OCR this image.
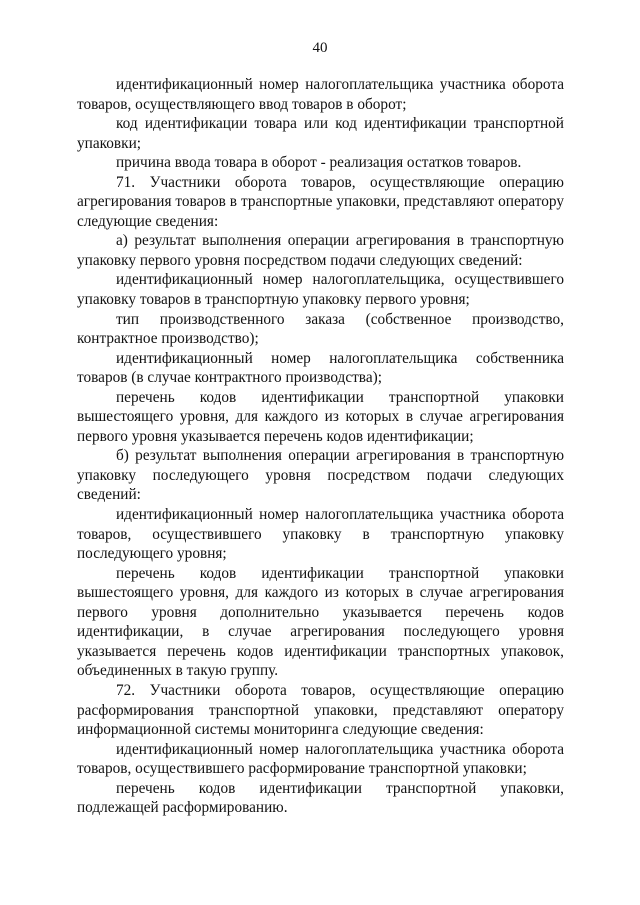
40

идентификационный номер налогоплательщика участника оборота товаров, осуществляющего ввод товаров в оборот;

код идентификации товара или код идентификации транспортной упаковки;

причина ввода товара в оборот - реализация остатков товаров.

71. Участники оборота товаров, осуществляющие операцию агрегирования товаров в транспортные упаковки, представляют оператору следующие сведения:

а) результат выполнения операции агрегирования в транспортную упаковку первого уровня посредством подачи следующих сведений:

идентификационный номер налогоплательщика, осуществившего упаковку товаров в транспортную упаковку первого уровня;

тип производственного заказа (собственное производство, контрактное производство);

идентификационный номер налогоплательщика собственника товаров (в случае контрактного производства);

перечень кодов идентификации транспортной упаковки вышестоящего уровня, для каждого из которых в случае агрегирования первого уровня указывается перечень кодов идентификации;

б) результат выполнения операции агрегирования в транспортную упаковку последующего уровня посредством подачи следующих сведений:

идентификационный номер налогоплательщика участника оборота товаров, осуществившего упаковку в транспортную упаковку последующего уровня;

перечень кодов идентификации транспортной упаковки вышестоящего уровня, для каждого из которых в случае агрегирования первого уровня дополнительно указывается перечень кодов идентификации, в случае агрегирования последующего уровня указывается перечень кодов идентификации транспортных упаковок, объединенных в такую группу.

72. Участники оборота товаров, осуществляющие операцию расформирования транспортной упаковки, представляют оператору информационной системы мониторинга следующие сведения:

идентификационный номер налогоплательщика участника оборота товаров, осуществившего расформирование транспортной упаковки;

перечень кодов идентификации транспортной упаковки, подлежащей расформированию.
